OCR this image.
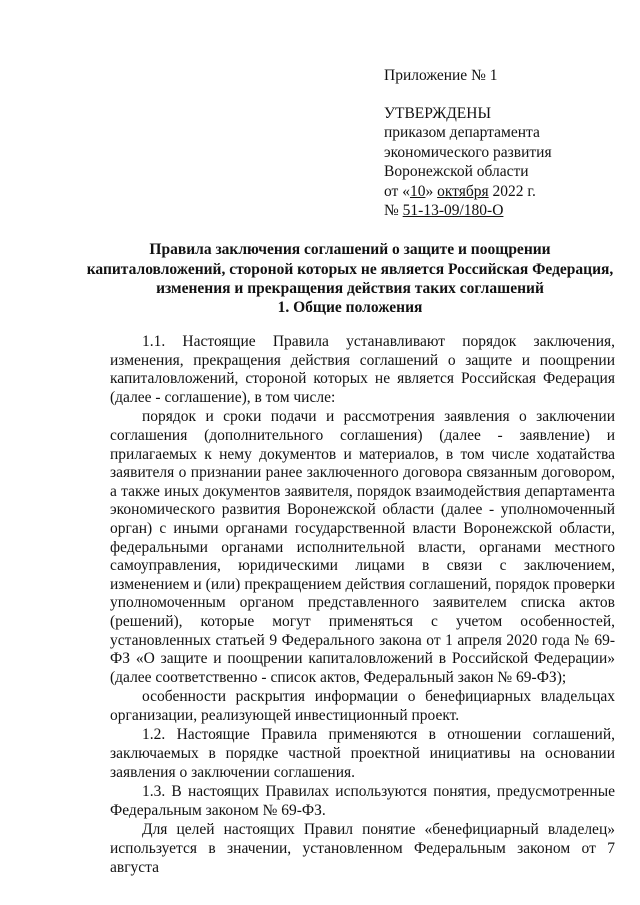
Приложение № 1
УТВЕРЖДЕНЫ
приказом департамента
экономического развития
Воронежской области
от «10» октября 2022 г.
№ 51-13-09/180-О
Правила заключения соглашений о защите и поощрении капиталовложений, стороной которых не является Российская Федерация, изменения и прекращения действия таких соглашений
1. Общие положения

1.1. Настоящие Правила устанавливают порядок заключения, изменения, прекращения действия соглашений о защите и поощрении капиталовложений, стороной которых не является Российская Федерация (далее - соглашение), в том числе:

порядок и сроки подачи и рассмотрения заявления о заключении соглашения (дополнительного соглашения) (далее - заявление) и прилагаемых к нему документов и материалов, в том числе ходатайства заявителя о признании ранее заключенного договора связанным договором, а также иных документов заявителя, порядок взаимодействия департамента экономического развития Воронежской области (далее - уполномоченный орган) с иными органами государственной власти Воронежской области, федеральными органами исполнительной власти, органами местного самоуправления, юридическими лицами в связи с заключением, изменением и (или) прекращением действия соглашений, порядок проверки уполномоченным органом представленного заявителем списка актов (решений), которые могут применяться с учетом особенностей, установленных статьей 9 Федерального закона от 1 апреля 2020 года № 69-ФЗ «О защите и поощрении капиталовложений в Российской Федерации» (далее соответственно - список актов, Федеральный закон № 69-ФЗ);

особенности раскрытия информации о бенефициарных владельцах организации, реализующей инвестиционный проект.

1.2. Настоящие Правила применяются в отношении соглашений, заключаемых в порядке частной проектной инициативы на основании заявления о заключении соглашения.

1.3. В настоящих Правилах используются понятия, предусмотренные Федеральным законом № 69-ФЗ.

Для целей настоящих Правил понятие «бенефициарный владелец» используется в значении, установленном Федеральным законом от 7 августа
